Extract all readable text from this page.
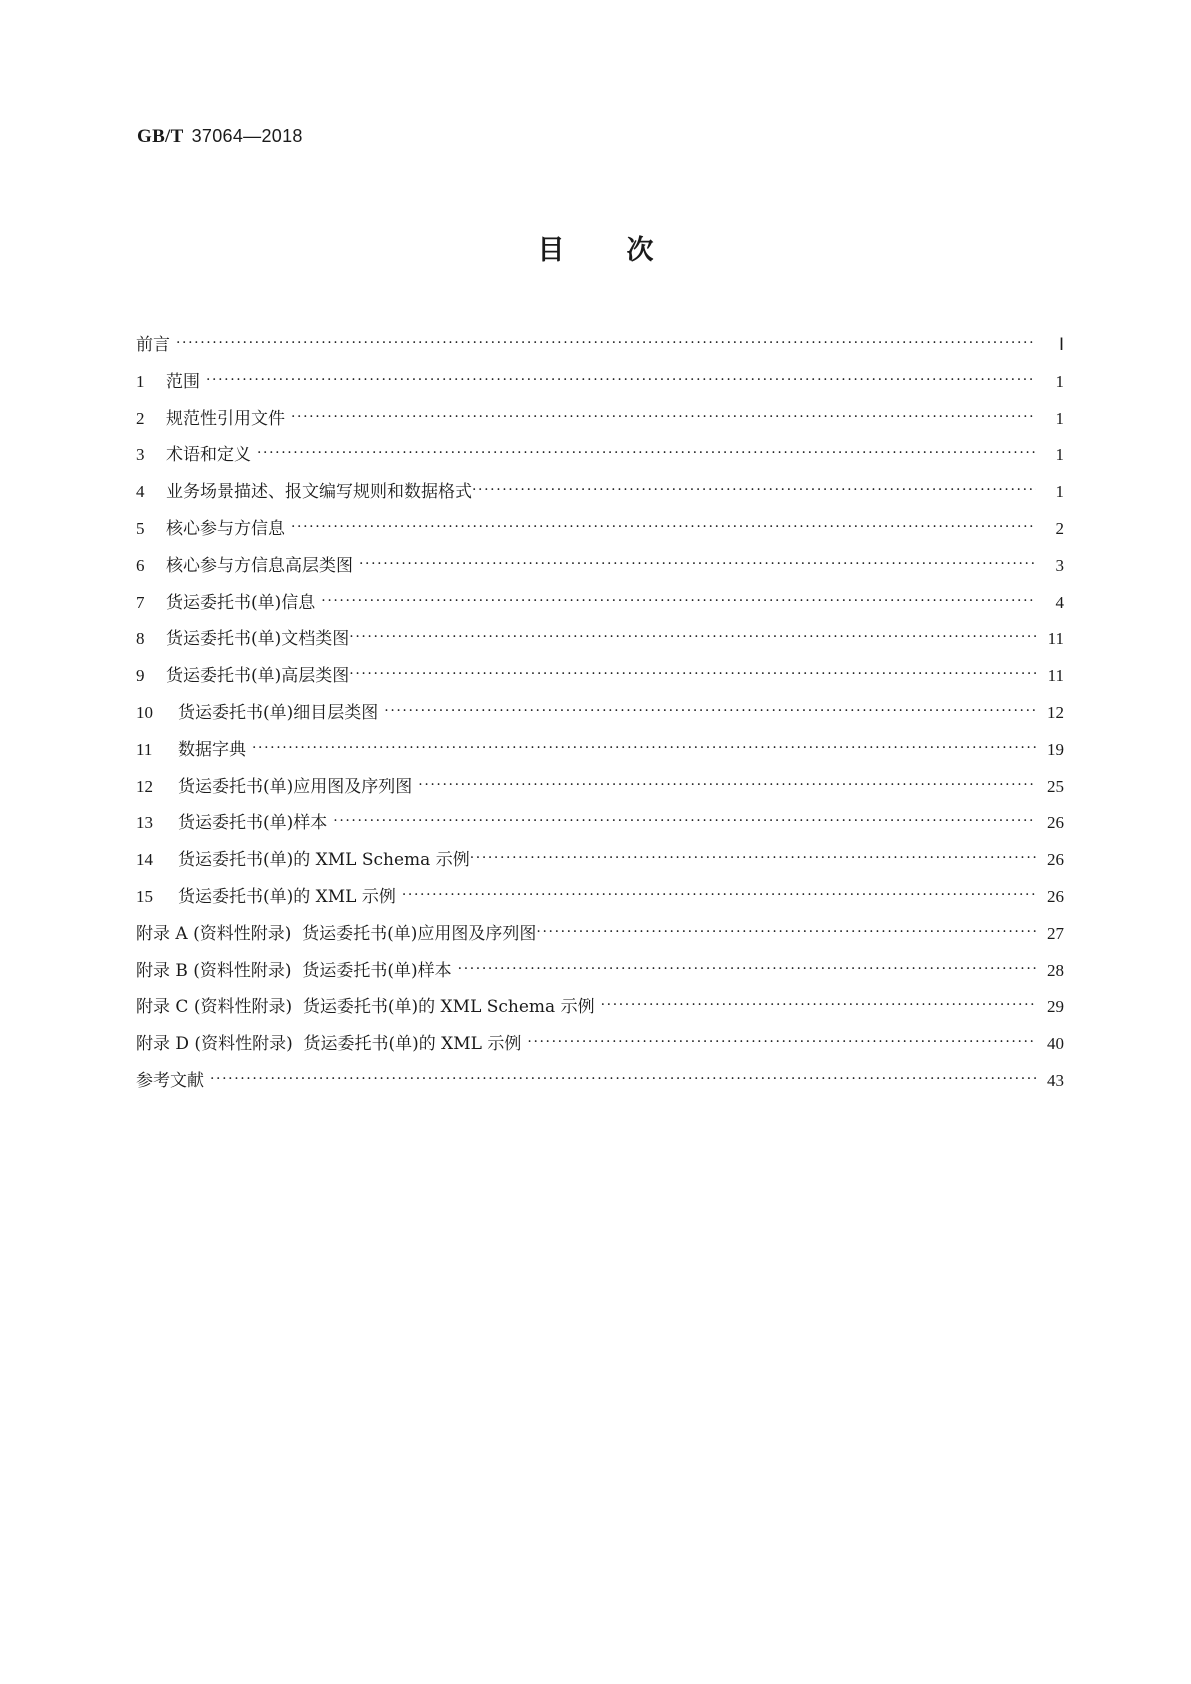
GB/T 37064—2018
目 次
前言 ·····	Ⅰ
1	范围 ·····	1
2	规范性引用文件 ·····	1
3	术语和定义 ·····	1
4	业务场景描述、报文编写规则和数据格式 ·····	1
5	核心参与方信息 ·····	2
6	核心参与方信息高层类图 ·····	3
7	货运委托书(单)信息 ·····	4
8	货运委托书(单)文档类图 ·····	11
9	货运委托书(单)高层类图 ·····	11
10	货运委托书(单)细目层类图 ·····	12
11	数据字典 ·····	19
12	货运委托书(单)应用图及序列图 ·····	25
13	货运委托书(单)样本 ·····	26
14	货运委托书(单)的 XML Schema 示例 ·····	26
15	货运委托书(单)的 XML 示例 ·····	26
附录 A (资料性附录)  货运委托书(单)应用图及序列图 ·····	27
附录 B (资料性附录)  货运委托书(单)样本 ·····	28
附录 C (资料性附录)  货运委托书(单)的 XML Schema 示例 ·····	29
附录 D (资料性附录)  货运委托书(单)的 XML 示例 ·····	40
参考文献 ·····	43
